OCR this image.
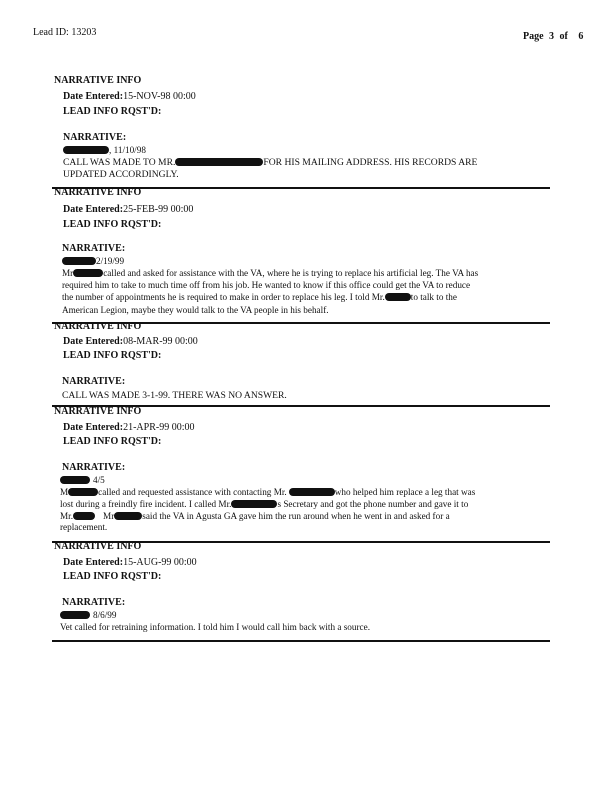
Lead ID: 13203	Page 3 of 6
NARRATIVE INFO
Date Entered:15-NOV-98 00:00
LEAD INFO RQST'D:
NARRATIVE:
, 11/10/98
CALL WAS MADE TO MR.	FOR HIS MAILING ADDRESS. HIS RECORDS ARE
UPDATED ACCORDINGLY.
NARRATIVE INFO
Date Entered:25-FEB-99 00:00
LEAD INFO RQST'D:
NARRATIVE:
2/19/99
Mr	called and asked for assistance with the VA, where he is trying to replace his artificial leg. The VA has
required him to take to much time off from his job. He wanted to know if this office could get the VA to reduce
the number of appointments he is required to make in order to replace his leg. I told Mr.	to talk to the
American Legion, maybe they would talk to the VA people in his behalf.
NARRATIVE INFO
Date Entered:08-MAR-99 00:00
LEAD INFO RQST'D:
NARRATIVE:
CALL WAS MADE 3-1-99. THERE WAS NO ANSWER.
NARRATIVE INFO
Date Entered:21-APR-99 00:00
LEAD INFO RQST'D:
NARRATIVE:
4/5
M	called and requested assistance with contacting Mr.	who helped him replace a leg that was
lost during a freindly fire incident. I called Mr.	s Secretary and got the phone number and gave it to
Mr.	Mr	said the VA in Agusta GA gave him the run around when he went in and asked for a
replacement.
NARRATIVE INFO
Date Entered:15-AUG-99 00:00
LEAD INFO RQST'D:
NARRATIVE:
8/6/99
Vet called for retraining information. I told him I would call him back with a source.
